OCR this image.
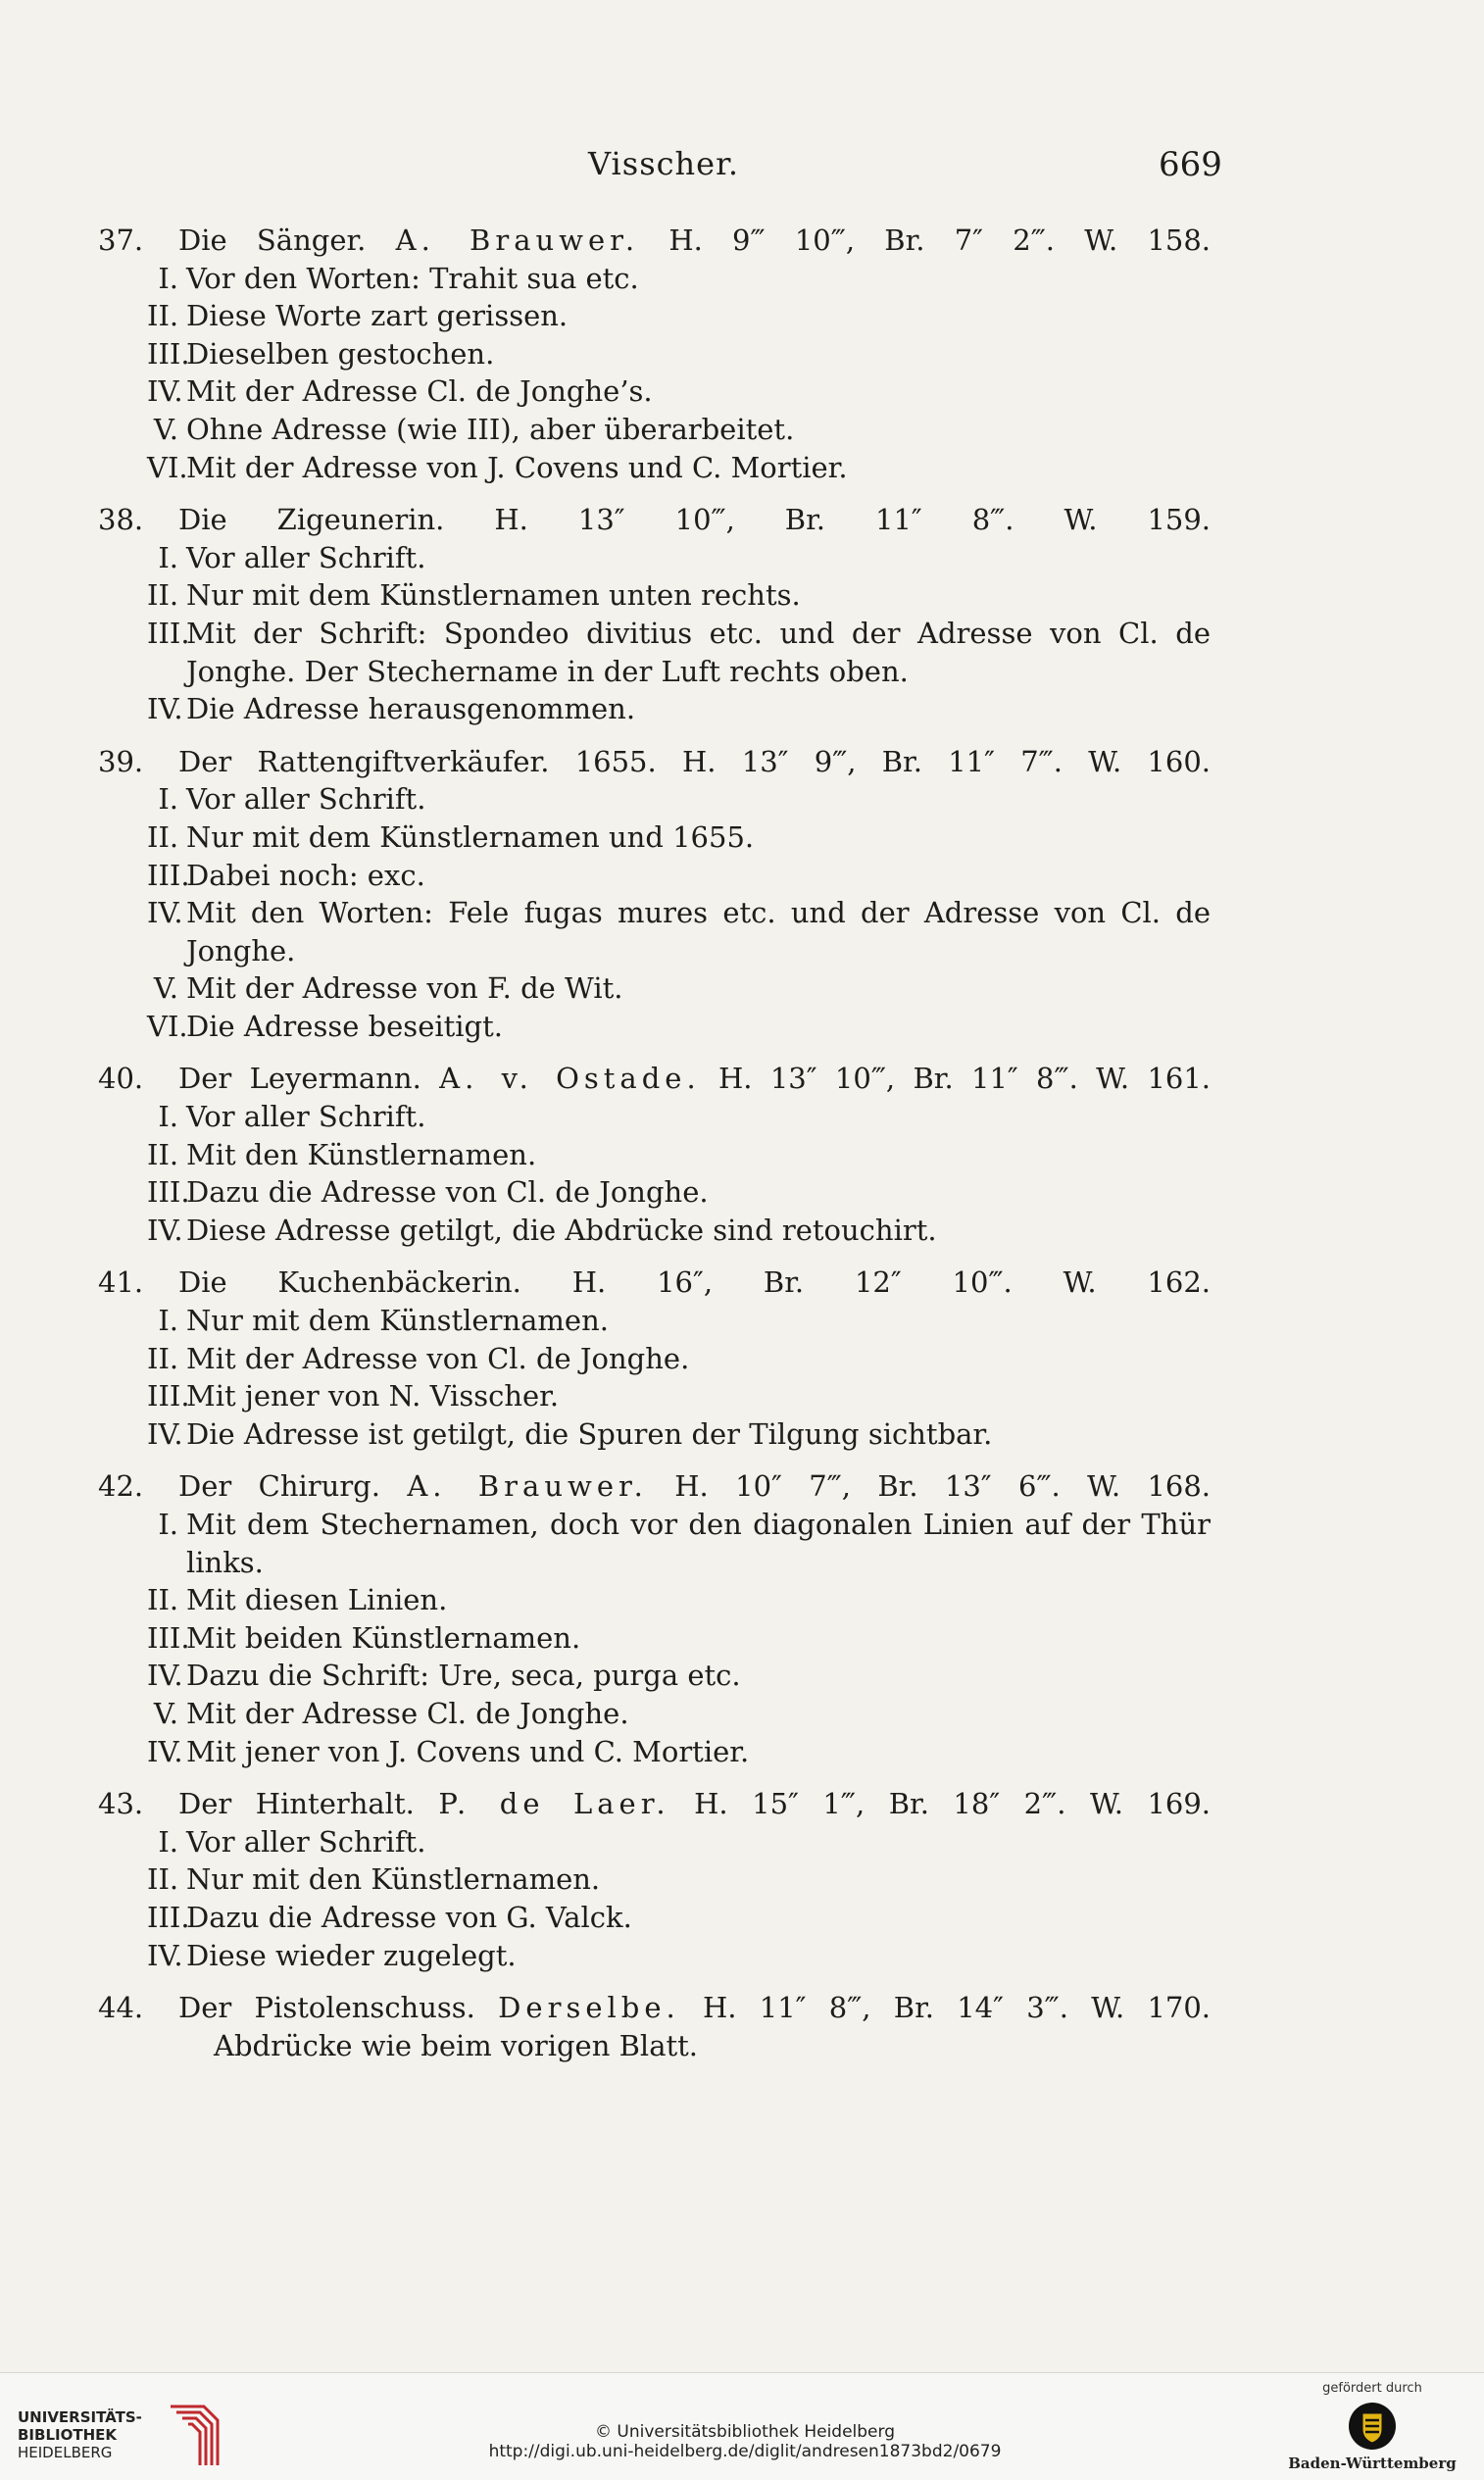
Visscher.	669
37. Die Sänger. A. Brauwer. H. 9‴ 10‴, Br. 7″ 2‴. W. 158.
I. Vor den Worten: Trahit sua etc.
II. Diese Worte zart gerissen.
III.Dieselben gestochen.
IV. Mit der Adresse Cl. de Jonghe’s.
V. Ohne Adresse (wie III), aber überarbeitet.
VI.Mit der Adresse von J. Covens und C. Mortier.
38. Die Zigeunerin. H. 13″ 10‴, Br. 11″ 8‴. W. 159.
I. Vor aller Schrift.
II. Nur mit dem Künstlernamen unten rechts.
III.Mit der Schrift: Spondeo divitius etc. und der Adresse von Cl. de Jonghe. Der Stechername in der Luft rechts oben.
IV. Die Adresse herausgenommen.
39. Der Rattengiftverkäufer. 1655. H. 13″ 9‴, Br. 11″ 7‴. W. 160.
I. Vor aller Schrift.
II. Nur mit dem Künstlernamen und 1655.
III.Dabei noch: exc.
IV. Mit den Worten: Fele fugas mures etc. und der Adresse von Cl. de Jonghe.
V. Mit der Adresse von F. de Wit.
VI.Die Adresse beseitigt.
40. Der Leyermann. A. v. Ostade. H. 13″ 10‴, Br. 11″ 8‴. W. 161.
I. Vor aller Schrift.
II. Mit den Künstlernamen.
III.Dazu die Adresse von Cl. de Jonghe.
IV. Diese Adresse getilgt, die Abdrücke sind retouchirt.
41. Die Kuchenbäckerin. H. 16″, Br. 12″ 10‴. W. 162.
I. Nur mit dem Künstlernamen.
II. Mit der Adresse von Cl. de Jonghe.
III.Mit jener von N. Visscher.
IV. Die Adresse ist getilgt, die Spuren der Tilgung sichtbar.
42. Der Chirurg. A. Brauwer. H. 10″ 7‴, Br. 13″ 6‴. W. 168.
I. Mit dem Stechernamen, doch vor den diagonalen Linien auf der Thür links.
II. Mit diesen Linien.
III.Mit beiden Künstlernamen.
IV. Dazu die Schrift: Ure, seca, purga etc.
V. Mit der Adresse Cl. de Jonghe.
IV. Mit jener von J. Covens und C. Mortier.
43. Der Hinterhalt. P. de Laer. H. 15″ 1‴, Br. 18″ 2‴. W. 169.
I. Vor aller Schrift.
II. Nur mit den Künstlernamen.
III.Dazu die Adresse von G. Valck.
IV. Diese wieder zugelegt.
44. Der Pistolenschuss. Derselbe. H. 11″ 8‴, Br. 14″ 3‴. W. 170.
Abdrücke wie beim vorigen Blatt.
UNIVERSITÄTS-
BIBLIOTHEK
HEIDELBERG
© Universitätsbibliothek Heidelberg
http://digi.ub.uni-heidelberg.de/diglit/andresen1873bd2/0679
gefördert durch
Baden-Württemberg
